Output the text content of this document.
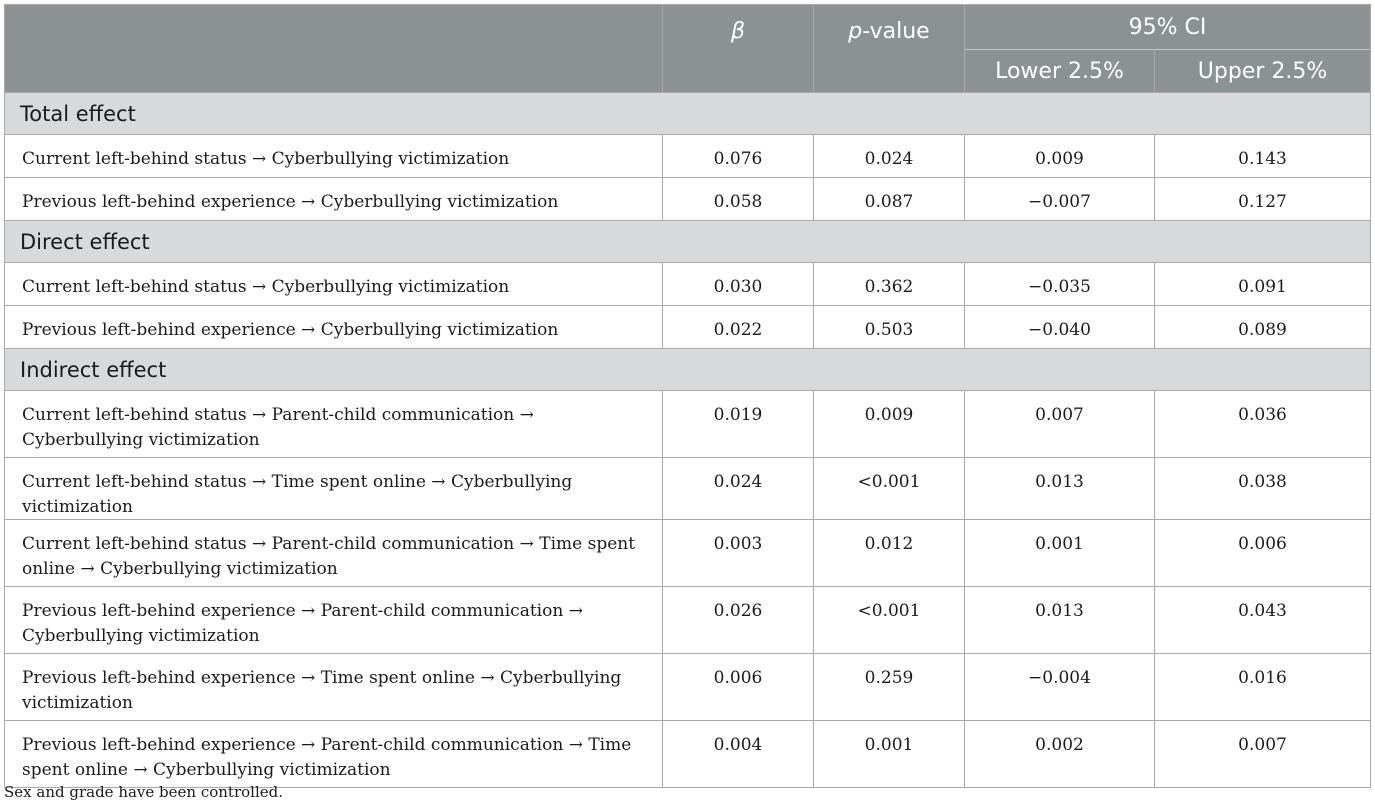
	β	p-value	95% CI	
			Lower 2.5%	Upper 2.5%
Total effect				
Current left-behind status → Cyberbullying victimization	0.076	0.024	0.009	0.143
Previous left-behind experience → Cyberbullying victimization	0.058	0.087	−0.007	0.127
Direct effect				
Current left-behind status → Cyberbullying victimization	0.030	0.362	−0.035	0.091
Previous left-behind experience → Cyberbullying victimization	0.022	0.503	−0.040	0.089
Indirect effect				
Current left-behind status → Parent-child communication → Cyberbullying victimization	0.019	0.009	0.007	0.036
Current left-behind status → Time spent online → Cyberbullying victimization	0.024	<0.001	0.013	0.038
Current left-behind status → Parent-child communication → Time spent online → Cyberbullying victimization	0.003	0.012	0.001	0.006
Previous left-behind experience → Parent-child communication → Cyberbullying victimization	0.026	<0.001	0.013	0.043
Previous left-behind experience → Time spent online → Cyberbullying victimization	0.006	0.259	−0.004	0.016
Previous left-behind experience → Parent-child communication → Time spent online → Cyberbullying victimization	0.004	0.001	0.002	0.007
Sex and grade have been controlled.
